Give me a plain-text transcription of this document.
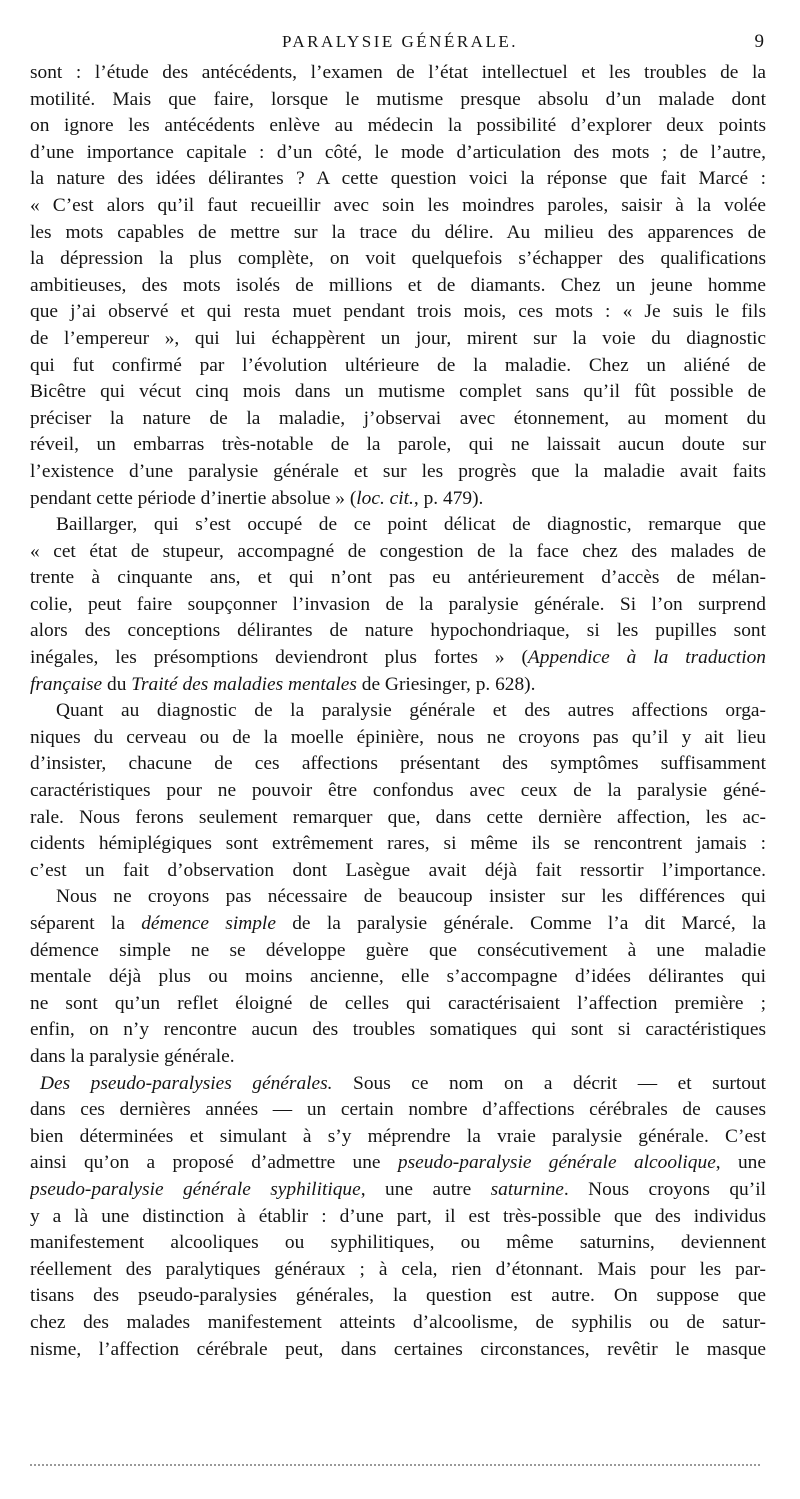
PARALYSIE GÉNÉRALE.	9
sont : l’étude des antécédents, l’examen de l’état intellectuel et les troubles de la
motilité. Mais que faire, lorsque le mutisme presque absolu d’un malade dont
on ignore les antécédents enlève au médecin la possibilité d’explorer deux points
d’une importance capitale : d’un côté, le mode d’articulation des mots ; de l’autre,
la nature des idées délirantes ? A cette question voici la réponse que fait Marcé :
« C’est alors qu’il faut recueillir avec soin les moindres paroles, saisir à la volée
les mots capables de mettre sur la trace du délire. Au milieu des apparences de
la dépression la plus complète, on voit quelquefois s’échapper des qualifications
ambitieuses, des mots isolés de millions et de diamants. Chez un jeune homme
que j’ai observé et qui resta muet pendant trois mois, ces mots : « Je suis le fils
de l’empereur », qui lui échappèrent un jour, mirent sur la voie du diagnostic
qui fut confirmé par l’évolution ultérieure de la maladie. Chez un aliéné de
Bicêtre qui vécut cinq mois dans un mutisme complet sans qu’il fût possible de
préciser la nature de la maladie, j’observai avec étonnement, au moment du
réveil, un embarras très-notable de la parole, qui ne laissait aucun doute sur
l’existence d’une paralysie générale et sur les progrès que la maladie avait faits
pendant cette période d’inertie absolue » (loc. cit., p. 479).
Baillarger, qui s’est occupé de ce point délicat de diagnostic, remarque que
« cet état de stupeur, accompagné de congestion de la face chez des malades de
trente à cinquante ans, et qui n’ont pas eu antérieurement d’accès de mélan-
colie, peut faire soupçonner l’invasion de la paralysie générale. Si l’on surprend
alors des conceptions délirantes de nature hypochondriaque, si les pupilles sont
inégales, les présomptions deviendront plus fortes » (Appendice à la traduction
française du Traité des maladies mentales de Griesinger, p. 628).
Quant au diagnostic de la paralysie générale et des autres affections orga-
niques du cerveau ou de la moelle épinière, nous ne croyons pas qu’il y ait lieu
d’insister, chacune de ces affections présentant des symptômes suffisamment
caractéristiques pour ne pouvoir être confondus avec ceux de la paralysie géné-
rale. Nous ferons seulement remarquer que, dans cette dernière affection, les ac-
cidents hémiplégiques sont extrêmement rares, si même ils se rencontrent jamais :
c’est un fait d’observation dont Lasègue avait déjà fait ressortir l’importance.
Nous ne croyons pas nécessaire de beaucoup insister sur les différences qui
séparent la démence simple de la paralysie générale. Comme l’a dit Marcé, la
démence simple ne se développe guère que consécutivement à une maladie
mentale déjà plus ou moins ancienne, elle s’accompagne d’idées délirantes qui
ne sont qu’un reflet éloigné de celles qui caractérisaient l’affection première ;
enfin, on n’y rencontre aucun des troubles somatiques qui sont si caractéristiques
dans la paralysie générale.
Des pseudo-paralysies générales. Sous ce nom on a décrit — et surtout
dans ces dernières années — un certain nombre d’affections cérébrales de causes
bien déterminées et simulant à s’y méprendre la vraie paralysie générale. C’est
ainsi qu’on a proposé d’admettre une pseudo-paralysie générale alcoolique, une
pseudo-paralysie générale syphilitique, une autre saturnine. Nous croyons qu’il
y a là une distinction à établir : d’une part, il est très-possible que des individus
manifestement alcooliques ou syphilitiques, ou même saturnins, deviennent
réellement des paralytiques généraux ; à cela, rien d’étonnant. Mais pour les par-
tisans des pseudo-paralysies générales, la question est autre. On suppose que
chez des malades manifestement atteints d’alcoolisme, de syphilis ou de satur-
nisme, l’affection cérébrale peut, dans certaines circonstances, revêtir le masque
